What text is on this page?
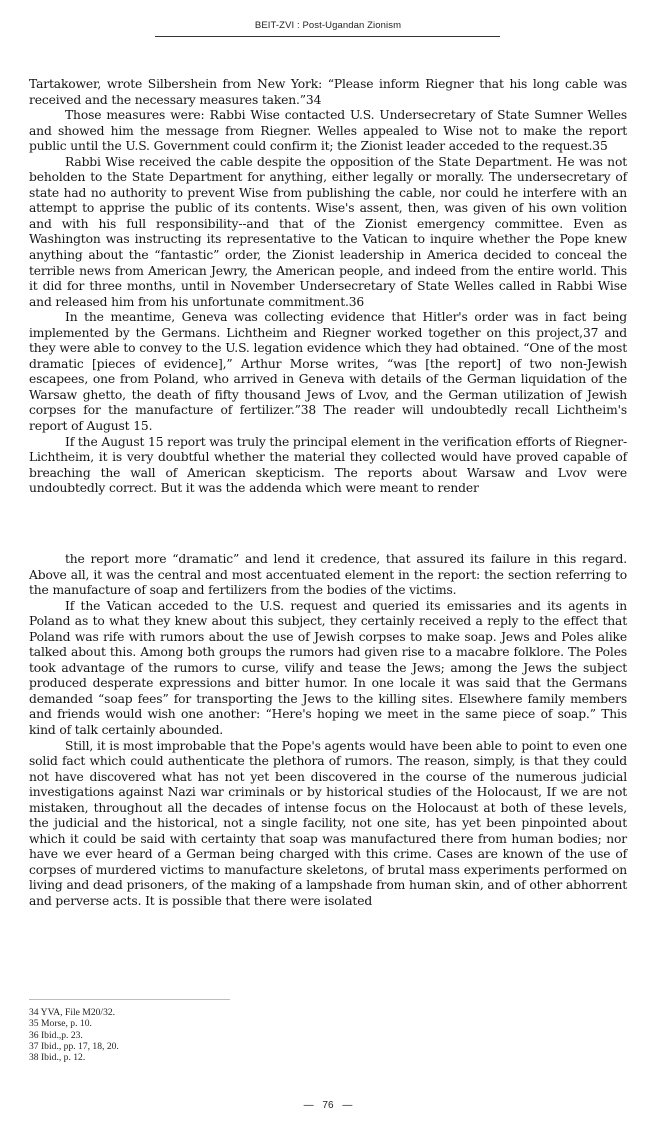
BEIT-ZVI : Post-Ugandan Zionism

Tartakower, wrote Silbershein from New York: “Please inform Riegner that his long cable was received and the necessary measures taken.”34

Those measures were: Rabbi Wise contacted U.S. Undersecretary of State Sumner Welles and showed him the message from Riegner. Welles appealed to Wise not to make the report public until the U.S. Government could confirm it; the Zionist leader acceded to the request.35

Rabbi Wise received the cable despite the opposition of the State Department. He was not beholden to the State Department for anything, either legally or morally. The undersecretary of state had no authority to prevent Wise from publishing the cable, nor could he interfere with an attempt to apprise the public of its contents. Wise's assent, then, was given of his own volition and with his full responsibility--and that of the Zionist emergency committee. Even as Washington was instructing its representative to the Vatican to inquire whether the Pope knew anything about the “fantastic” order, the Zionist leadership in America decided to conceal the terrible news from American Jewry, the American people, and indeed from the entire world. This it did for three months, until in November Undersecretary of State Welles called in Rabbi Wise and released him from his unfortunate commitment.36

In the meantime, Geneva was collecting evidence that Hitler's order was in fact being implemented by the Germans. Lichtheim and Riegner worked together on this project,37 and they were able to convey to the U.S. legation evidence which they had obtained. “One of the most dramatic [pieces of evidence],” Arthur Morse writes, “was [the report] of two non-Jewish escapees, one from Poland, who arrived in Geneva with details of the German liquidation of the Warsaw ghetto, the death of fifty thousand Jews of Lvov, and the German utilization of Jewish corpses for the manufacture of fertilizer.”38 The reader will undoubtedly recall Lichtheim's report of August 15.

If the August 15 report was truly the principal element in the verification efforts of Riegner-Lichtheim, it is very doubtful whether the material they collected would have proved capable of breaching the wall of American skepticism. The reports about Warsaw and Lvov were undoubtedly correct. But it was the addenda which were meant to render

the report more “dramatic” and lend it credence, that assured its failure in this regard. Above all, it was the central and most accentuated element in the report: the section referring to the manufacture of soap and fertilizers from the bodies of the victims.

If the Vatican acceded to the U.S. request and queried its emissaries and its agents in Poland as to what they knew about this subject, they certainly received a reply to the effect that Poland was rife with rumors about the use of Jewish corpses to make soap. Jews and Poles alike talked about this. Among both groups the rumors had given rise to a macabre folklore. The Poles took advantage of the rumors to curse, vilify and tease the Jews; among the Jews the subject produced desperate expressions and bitter humor. In one locale it was said that the Germans demanded “soap fees” for transporting the Jews to the killing sites. Elsewhere family members and friends would wish one another: “Here's hoping we meet in the same piece of soap.” This kind of talk certainly abounded.

Still, it is most improbable that the Pope's agents would have been able to point to even one solid fact which could authenticate the plethora of rumors. The reason, simply, is that they could not have discovered what has not yet been discovered in the course of the numerous judicial investigations against Nazi war criminals or by historical studies of the Holocaust, If we are not mistaken, throughout all the decades of intense focus on the Holocaust at both of these levels, the judicial and the historical, not a single facility, not one site, has yet been pinpointed about which it could be said with certainty that soap was manufactured there from human bodies; nor have we ever heard of a German being charged with this crime. Cases are known of the use of corpses of murdered victims to manufacture skeletons, of brutal mass experiments performed on living and dead prisoners, of the making of a lampshade from human skin, and of other abhorrent and perverse acts. It is possible that there were isolated

34 YVA, File M20/32.
35 Morse, p. 10.
36 Ibid.,p. 23.
37 Ibid., pp. 17, 18, 20.
38 Ibid., p. 12.
— 76 —
